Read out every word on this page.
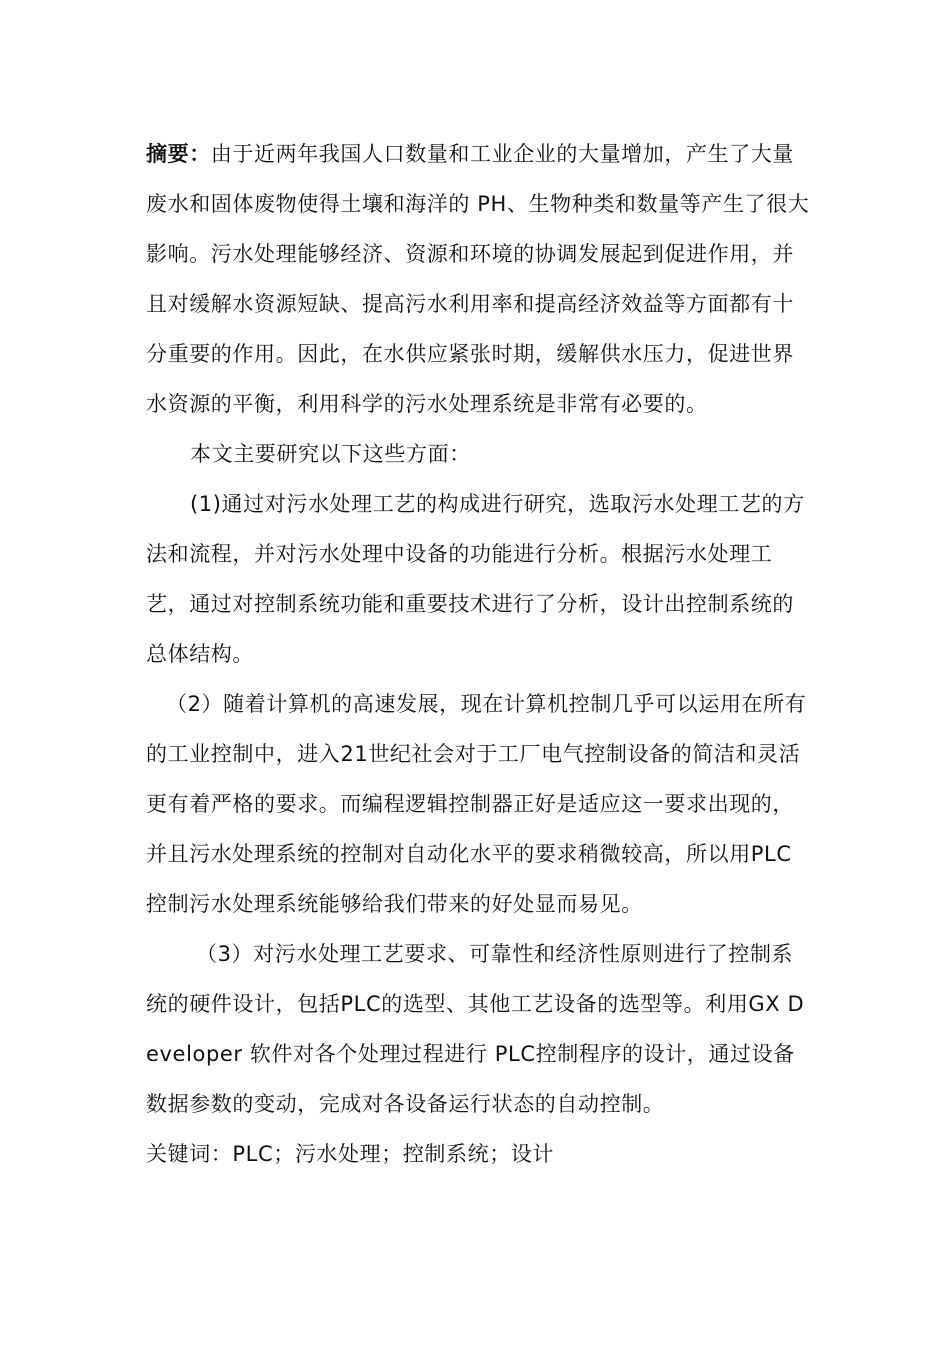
摘要：由于近两年我国人口数量和工业企业的大量增加，产生了大量废水和固体废物使得土壤和海洋的 PH、生物种类和数量等产生了很大影响。污水处理能够经济、资源和环境的协调发展起到促进作用，并且对缓解水资源短缺、提高污水利用率和提高经济效益等方面都有十分重要的作用。因此，在水供应紧张时期，缓解供水压力，促进世界水资源的平衡，利用科学的污水处理系统是非常有必要的。

本文主要研究以下这些方面：

(1)通过对污水处理工艺的构成进行研究，选取污水处理工艺的方法和流程，并对污水处理中设备的功能进行分析。根据污水处理工艺，通过对控制系统功能和重要技术进行了分析，设计出控制系统的总体结构。

（2）随着计算机的高速发展，现在计算机控制几乎可以运用在所有的工业控制中，进入21世纪社会对于工厂电气控制设备的简洁和灵活更有着严格的要求。而编程逻辑控制器正好是适应这一要求出现的，并且污水处理系统的控制对自动化水平的要求稍微较高，所以用PLC控制污水处理系统能够给我们带来的好处显而易见。

（3）对污水处理工艺要求、可靠性和经济性原则进行了控制系统的硬件设计，包括PLC的选型、其他工艺设备的选型等。利用GX Developer 软件对各个处理过程进行 PLC控制程序的设计，通过设备数据参数的变动，完成对各设备运行状态的自动控制。

关键词：PLC；污水处理；控制系统；设计
